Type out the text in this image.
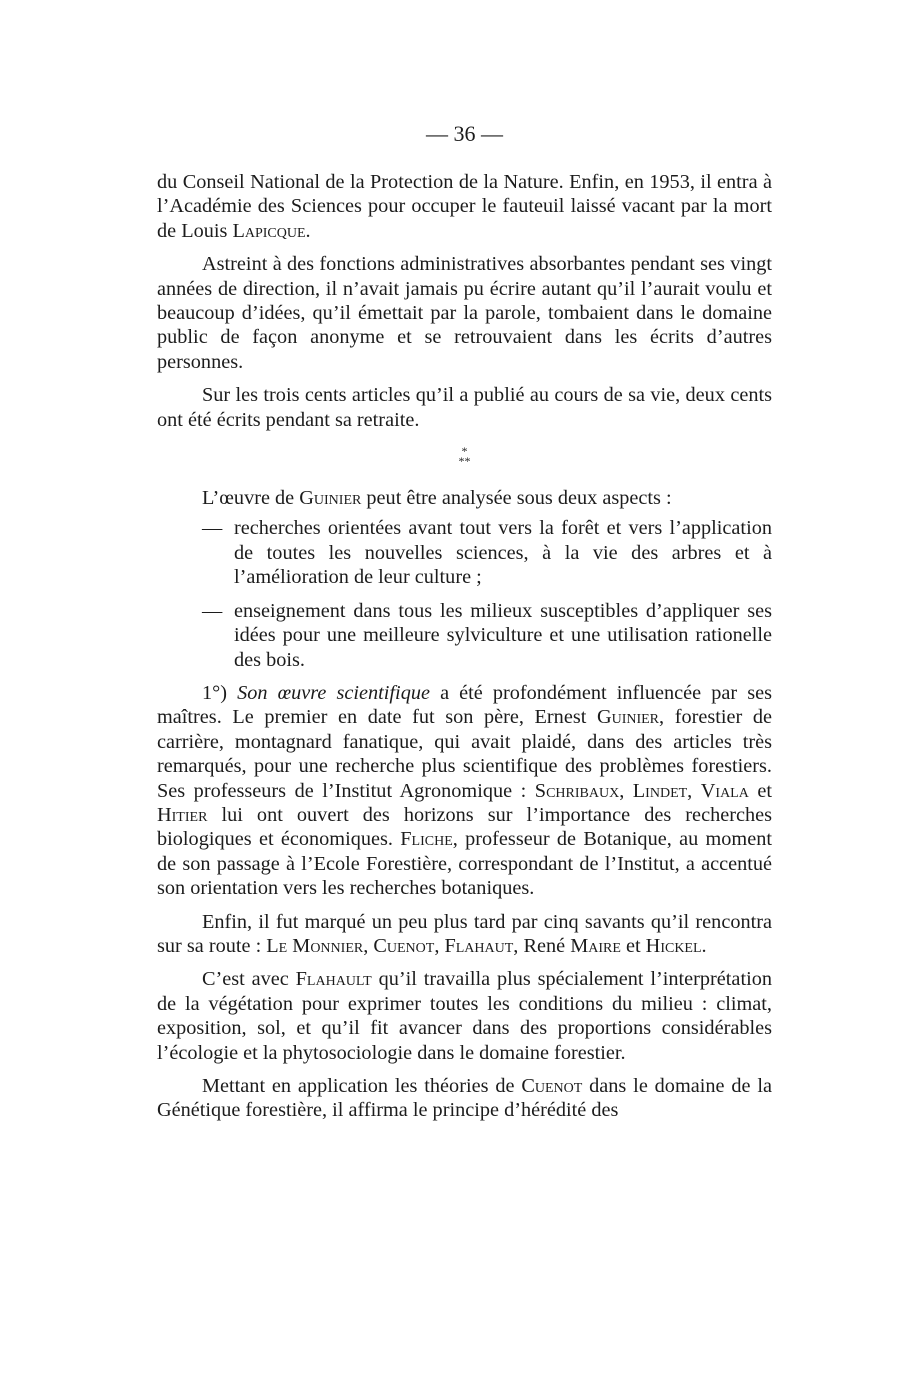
— 36 —

du Conseil National de la Protection de la Nature. Enfin, en 1953, il entra à l’Académie des Sciences pour occuper le fauteuil laissé vacant par la mort de Louis Lapicque.

Astreint à des fonctions administratives absorbantes pendant ses vingt années de direction, il n’avait jamais pu écrire autant qu’il l’aurait voulu et beaucoup d’idées, qu’il émettait par la parole, tombaient dans le domaine public de façon anonyme et se retrouvaient dans les écrits d’autres personnes.

Sur les trois cents articles qu’il a publié au cours de sa vie, deux cents ont été écrits pendant sa retraite.

*
**

L’œuvre de Guinier peut être analysée sous deux aspects :

— recherches orientées avant tout vers la forêt et vers l’application de toutes les nouvelles sciences, à la vie des arbres et à l’amélioration de leur culture ;

— enseignement dans tous les milieux susceptibles d’appliquer ses idées pour une meilleure sylviculture et une utilisation rationelle des bois.

1°) Son œuvre scientifique a été profondément influencée par ses maîtres. Le premier en date fut son père, Ernest Guinier, forestier de carrière, montagnard fanatique, qui avait plaidé, dans des articles très remarqués, pour une recherche plus scientifique des problèmes forestiers. Ses professeurs de l’Institut Agronomique : Schribaux, Lindet, Viala et Hitier lui ont ouvert des horizons sur l’importance des recherches biologiques et économiques. Fliche, professeur de Botanique, au moment de son passage à l’Ecole Forestière, correspondant de l’Institut, a accentué son orientation vers les recherches botaniques.

Enfin, il fut marqué un peu plus tard par cinq savants qu’il rencontra sur sa route : Le Monnier, Cuenot, Flahaut, René Maire et Hickel.

C’est avec Flahault qu’il travailla plus spécialement l’interprétation de la végétation pour exprimer toutes les conditions du milieu : climat, exposition, sol, et qu’il fit avancer dans des proportions considérables l’écologie et la phytosociologie dans le domaine forestier.

Mettant en application les théories de Cuenot dans le domaine de la Génétique forestière, il affirma le principe d’hérédité des
